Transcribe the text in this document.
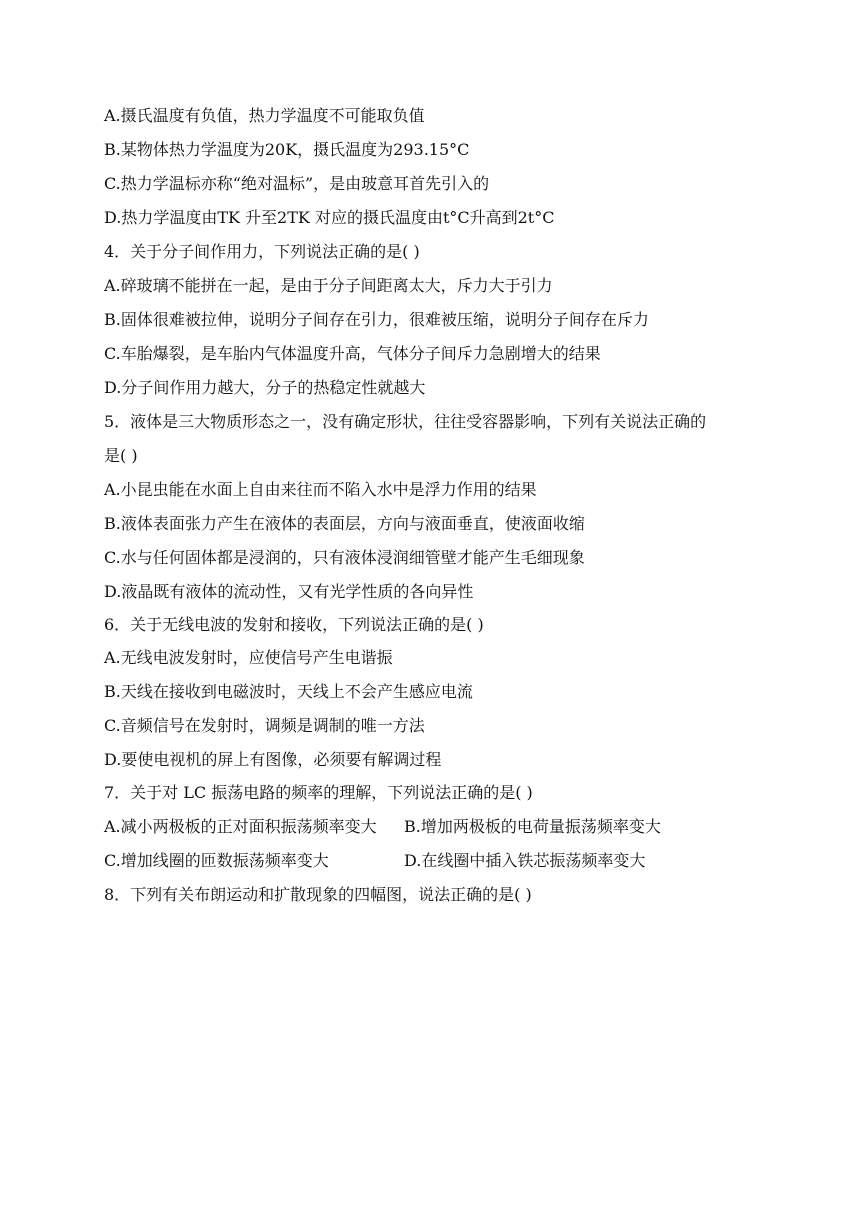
A.摄氏温度有负值，热力学温度不可能取负值
B.某物体热力学温度为20K，摄氏温度为293.15°C
C.热力学温标亦称“绝对温标”，是由玻意耳首先引入的
D.热力学温度由TK 升至2TK 对应的摄氏温度由t°C升高到2t°C
4．关于分子间作用力，下列说法正确的是( )
A.碎玻璃不能拼在一起，是由于分子间距离太大，斥力大于引力
B.固体很难被拉伸，说明分子间存在引力，很难被压缩，说明分子间存在斥力
C.车胎爆裂，是车胎内气体温度升高，气体分子间斥力急剧增大的结果
D.分子间作用力越大，分子的热稳定性就越大
5．液体是三大物质形态之一，没有确定形状，往往受容器影响，下列有关说法正确的
是( )
A.小昆虫能在水面上自由来往而不陷入水中是浮力作用的结果
B.液体表面张力产生在液体的表面层，方向与液面垂直，使液面收缩
C.水与任何固体都是浸润的，只有液体浸润细管壁才能产生毛细现象
D.液晶既有液体的流动性，又有光学性质的各向异性
6．关于无线电波的发射和接收，下列说法正确的是( )
A.无线电波发射时，应使信号产生电谐振
B.天线在接收到电磁波时，天线上不会产生感应电流
C.音频信号在发射时，调频是调制的唯一方法
D.要使电视机的屏上有图像，必须要有解调过程
7．关于对 LC 振荡电路的频率的理解，下列说法正确的是( )
A.减小两极板的正对面积振荡频率变大 B.增加两极板的电荷量振荡频率变大
C.增加线圈的匝数振荡频率变大	D.在线圈中插入铁芯振荡频率变大
8．下列有关布朗运动和扩散现象的四幅图，说法正确的是( )
